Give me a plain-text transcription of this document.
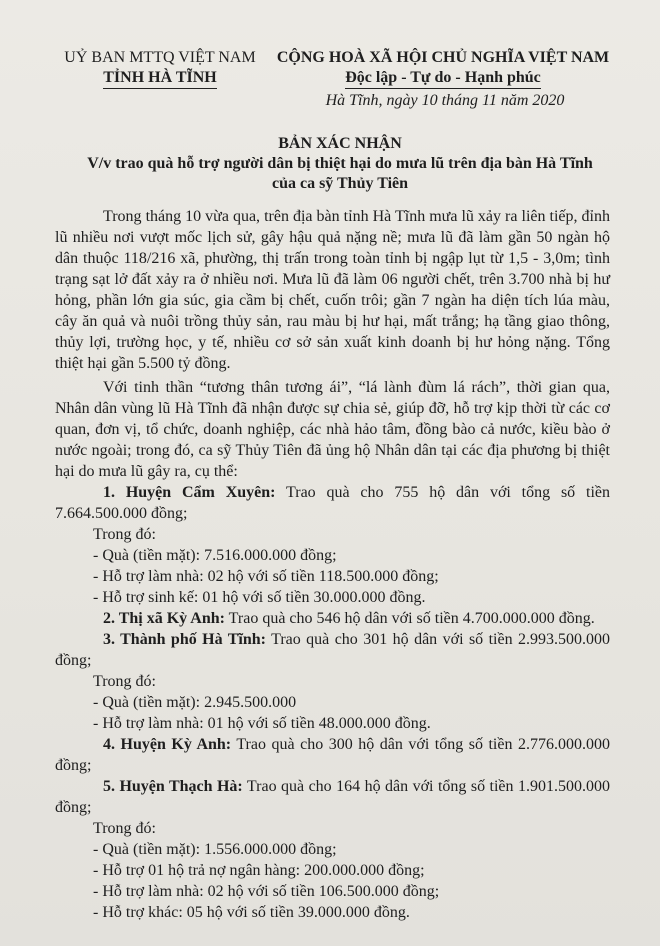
UỶ BAN MTTQ VIỆT NAM
TỈNH HÀ TĨNH
CỘNG HOÀ XÃ HỘI CHỦ NGHĨA VIỆT NAM
Độc lập - Tự do - Hạnh phúc
Hà Tĩnh, ngày 10 tháng 11 năm 2020
BẢN XÁC NHẬN
V/v trao quà hỗ trợ người dân bị thiệt hại do mưa lũ trên địa bàn Hà Tĩnh
của ca sỹ Thủy Tiên

Trong tháng 10 vừa qua, trên địa bàn tỉnh Hà Tĩnh mưa lũ xảy ra liên tiếp, đỉnh lũ nhiều nơi vượt mốc lịch sử, gây hậu quả nặng nề; mưa lũ đã làm gần 50 ngàn hộ dân thuộc 118/216 xã, phường, thị trấn trong toàn tỉnh bị ngập lụt từ 1,5 - 3,0m; tình trạng sạt lở đất xảy ra ở nhiều nơi. Mưa lũ đã làm 06 người chết, trên 3.700 nhà bị hư hỏng, phần lớn gia súc, gia cầm bị chết, cuốn trôi; gần 7 ngàn ha diện tích lúa màu, cây ăn quả và nuôi trồng thủy sản, rau màu bị hư hại, mất trắng; hạ tầng giao thông, thủy lợi, trường học, y tế, nhiều cơ sở sản xuất kinh doanh bị hư hỏng nặng. Tổng thiệt hại gần 5.500 tỷ đồng.

Với tinh thần “tương thân tương ái”, “lá lành đùm lá rách”, thời gian qua, Nhân dân vùng lũ Hà Tĩnh đã nhận được sự chia sẻ, giúp đỡ, hỗ trợ kịp thời từ các cơ quan, đơn vị, tổ chức, doanh nghiệp, các nhà hảo tâm, đồng bào cả nước, kiều bào ở nước ngoài; trong đó, ca sỹ Thủy Tiên đã ủng hộ Nhân dân tại các địa phương bị thiệt hại do mưa lũ gây ra, cụ thể:

1. Huyện Cẩm Xuyên: Trao quà cho 755 hộ dân với tổng số tiền 7.664.500.000 đồng;

Trong đó:

- Quà (tiền mặt): 7.516.000.000 đồng;

- Hỗ trợ làm nhà: 02 hộ với số tiền 118.500.000 đồng;

- Hỗ trợ sinh kế: 01 hộ với số tiền 30.000.000 đồng.

2. Thị xã Kỳ Anh: Trao quà cho 546 hộ dân với số tiền 4.700.000.000 đồng.

3. Thành phố Hà Tĩnh: Trao quà cho 301 hộ dân với số tiền 2.993.500.000 đồng;

Trong đó:

- Quà (tiền mặt): 2.945.500.000

- Hỗ trợ làm nhà: 01 hộ với số tiền 48.000.000 đồng.

4. Huyện Kỳ Anh: Trao quà cho 300 hộ dân với tổng số tiền 2.776.000.000 đồng;

5. Huyện Thạch Hà: Trao quà cho 164 hộ dân với tổng số tiền 1.901.500.000 đồng;

Trong đó:

- Quà (tiền mặt): 1.556.000.000 đồng;

- Hỗ trợ 01 hộ trả nợ ngân hàng: 200.000.000 đồng;

- Hỗ trợ làm nhà: 02 hộ với số tiền 106.500.000 đồng;

- Hỗ trợ khác: 05 hộ với số tiền 39.000.000 đồng.
